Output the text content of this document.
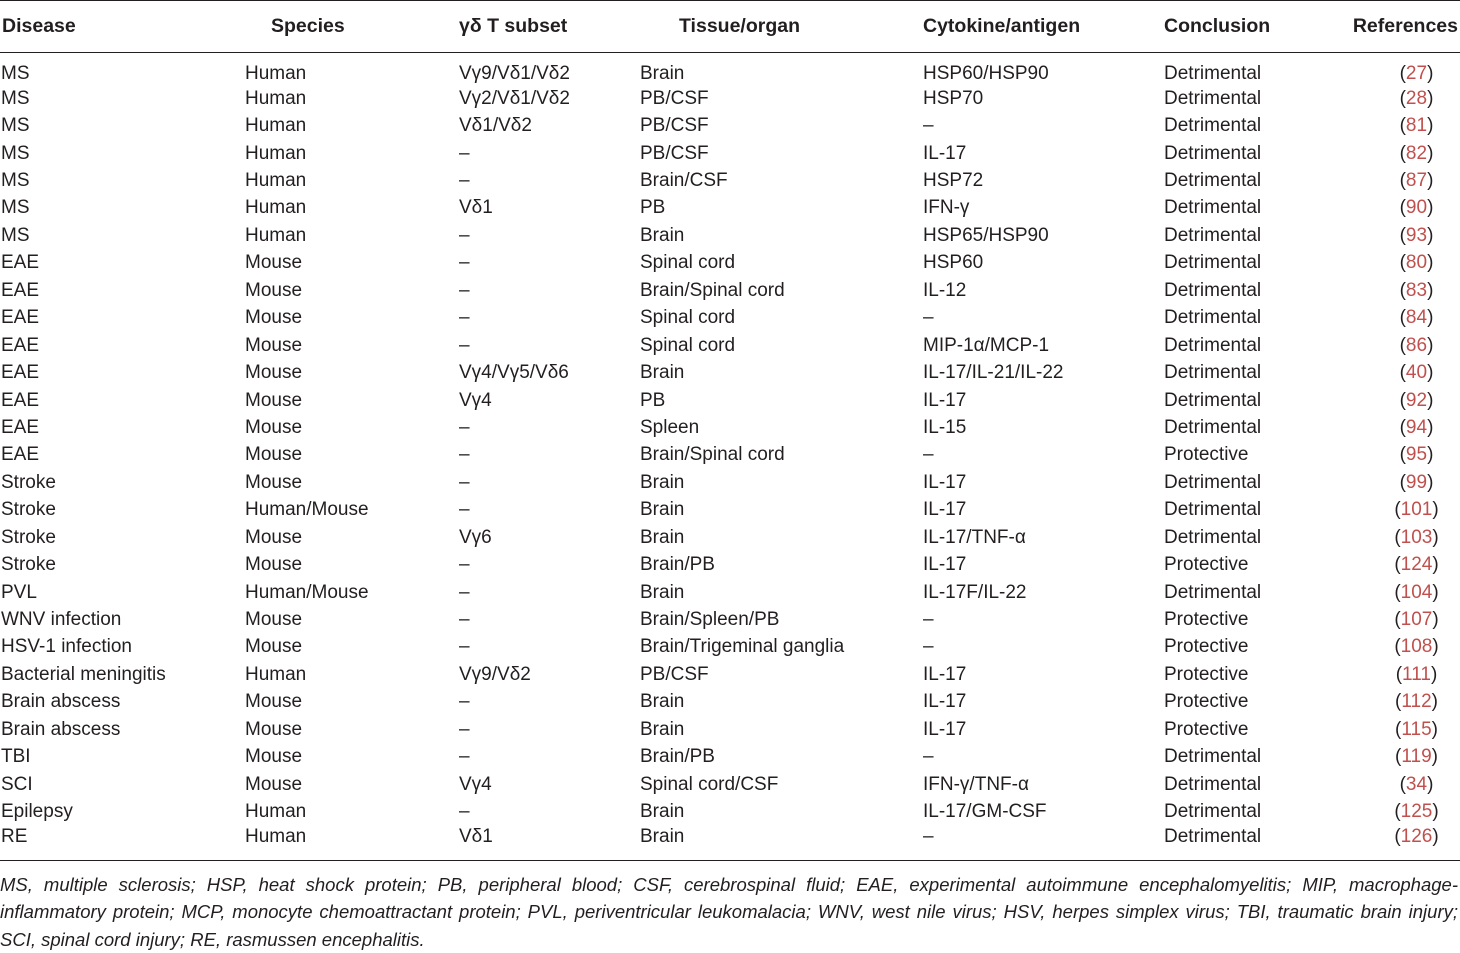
Disease	Species	γδ T subset	Tissue/organ	Cytokine/antigen	Conclusion	References
MS	Human	Vγ9/Vδ1/Vδ2	Brain	HSP60/HSP90	Detrimental	(27)
MS	Human	Vγ2/Vδ1/Vδ2	PB/CSF	HSP70	Detrimental	(28)
MS	Human	Vδ1/Vδ2	PB/CSF	–	Detrimental	(81)
MS	Human	–	PB/CSF	IL-17	Detrimental	(82)
MS	Human	–	Brain/CSF	HSP72	Detrimental	(87)
MS	Human	Vδ1	PB	IFN-γ	Detrimental	(90)
MS	Human	–	Brain	HSP65/HSP90	Detrimental	(93)
EAE	Mouse	–	Spinal cord	HSP60	Detrimental	(80)
EAE	Mouse	–	Brain/Spinal cord	IL-12	Detrimental	(83)
EAE	Mouse	–	Spinal cord	–	Detrimental	(84)
EAE	Mouse	–	Spinal cord	MIP-1α/MCP-1	Detrimental	(86)
EAE	Mouse	Vγ4/Vγ5/Vδ6	Brain	IL-17/IL-21/IL-22	Detrimental	(40)
EAE	Mouse	Vγ4	PB	IL-17	Detrimental	(92)
EAE	Mouse	–	Spleen	IL-15	Detrimental	(94)
EAE	Mouse	–	Brain/Spinal cord	–	Protective	(95)
Stroke	Mouse	–	Brain	IL-17	Detrimental	(99)
Stroke	Human/Mouse	–	Brain	IL-17	Detrimental	(101)
Stroke	Mouse	Vγ6	Brain	IL-17/TNF-α	Detrimental	(103)
Stroke	Mouse	–	Brain/PB	IL-17	Protective	(124)
PVL	Human/Mouse	–	Brain	IL-17F/IL-22	Detrimental	(104)
WNV infection	Mouse	–	Brain/Spleen/PB	–	Protective	(107)
HSV-1 infection	Mouse	–	Brain/Trigeminal ganglia	–	Protective	(108)
Bacterial meningitis	Human	Vγ9/Vδ2	PB/CSF	IL-17	Protective	(111)
Brain abscess	Mouse	–	Brain	IL-17	Protective	(112)
Brain abscess	Mouse	–	Brain	IL-17	Protective	(115)
TBI	Mouse	–	Brain/PB	–	Detrimental	(119)
SCI	Mouse	Vγ4	Spinal cord/CSF	IFN-γ/TNF-α	Detrimental	(34)
Epilepsy	Human	–	Brain	IL-17/GM-CSF	Detrimental	(125)
RE	Human	Vδ1	Brain	–	Detrimental	(126)

MS, multiple sclerosis; HSP, heat shock protein; PB, peripheral blood; CSF, cerebrospinal fluid; EAE, experimental autoimmune encephalomyelitis; MIP, macrophage-inflammatory protein; MCP, monocyte chemoattractant protein; PVL, periventricular leukomalacia; WNV, west nile virus; HSV, herpes simplex virus; TBI, traumatic brain injury; SCI, spinal cord injury; RE, rasmussen encephalitis.
